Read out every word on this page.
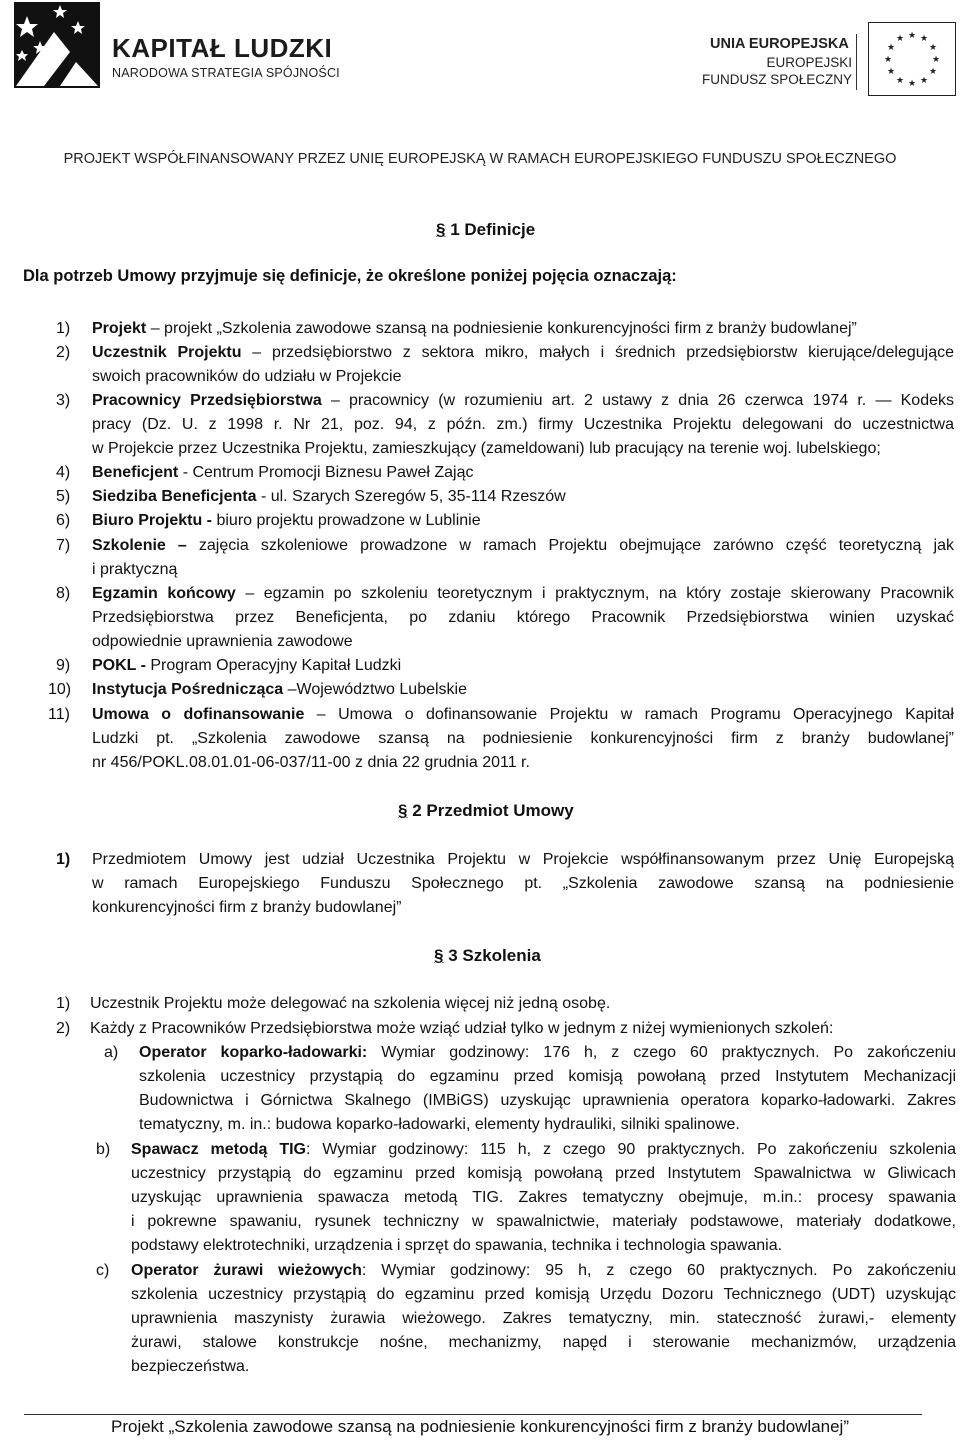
KAPITAŁ LUDZKI
NARODOWA STRATEGIA SPÓJNOŚCI
UNIA EUROPEJSKA
EUROPEJSKI
FUNDUSZ SPOŁECZNY
★ ★
★
★
★
★
★
★
★
★
★
★
PROJEKT WSPÓŁFINANSOWANY PRZEZ UNIĘ EUROPEJSKĄ W RAMACH EUROPEJSKIEGO FUNDUSZU SPOŁECZNEGO
§ 1 Definicje
Dla potrzeb Umowy przyjmuje się definicje, że określone poniżej pojęcia oznaczają:
1) Projekt – projekt „Szkolenia zawodowe szansą na podniesienie konkurencyjności firm z branży budowlanej”
2) Uczestnik Projektu – przedsiębiorstwo z sektora mikro, małych i średnich przedsiębiorstw kierujące/delegujące
swoich pracowników do udziału w Projekcie
3) Pracownicy Przedsiębiorstwa – pracownicy (w rozumieniu art. 2 ustawy z dnia 26 czerwca 1974 r. — Kodeks
pracy (Dz. U. z 1998 r. Nr 21, poz. 94, z późn. zm.) firmy Uczestnika Projektu delegowani do uczestnictwa
w Projekcie przez Uczestnika Projektu, zamieszkujący (zameldowani) lub pracujący na terenie woj. lubelskiego;
4) Beneficjent - Centrum Promocji Biznesu Paweł Zając
5) Siedziba Beneficjenta - ul. Szarych Szeregów 5, 35-114 Rzeszów
6) Biuro Projektu - biuro projektu prowadzone w Lublinie
7) Szkolenie – zajęcia szkoleniowe prowadzone w ramach Projektu obejmujące zarówno część teoretyczną jak
i praktyczną
8) Egzamin końcowy – egzamin po szkoleniu teoretycznym i praktycznym, na który zostaje skierowany Pracownik
Przedsiębiorstwa przez Beneficjenta, po zdaniu którego Pracownik Przedsiębiorstwa winien uzyskać
odpowiednie uprawnienia zawodowe
9) POKL - Program Operacyjny Kapitał Ludzki
10) Instytucja Pośrednicząca –Województwo Lubelskie
11) Umowa o dofinansowanie – Umowa o dofinansowanie Projektu w ramach Programu Operacyjnego Kapitał
Ludzki pt. „Szkolenia zawodowe szansą na podniesienie konkurencyjności firm z branży budowlanej”
nr 456/POKL.08.01.01-06-037/11-00 z dnia 22 grudnia 2011 r.
§ 2 Przedmiot Umowy
1) Przedmiotem Umowy jest udział Uczestnika Projektu w Projekcie współfinansowanym przez Unię Europejską
w ramach Europejskiego Funduszu Społecznego pt. „Szkolenia zawodowe szansą na podniesienie
konkurencyjności firm z branży budowlanej”
§ 3 Szkolenia
1) Uczestnik Projektu może delegować na szkolenia więcej niż jedną osobę.
2) Każdy z Pracowników Przedsiębiorstwa może wziąć udział tylko w jednym z niżej wymienionych szkoleń:
a) Operator koparko-ładowarki: Wymiar godzinowy: 176 h, z czego 60 praktycznych. Po zakończeniu
szkolenia uczestnicy przystąpią do egzaminu przed komisją powołaną przed Instytutem Mechanizacji
Budownictwa i Górnictwa Skalnego (IMBiGS) uzyskując uprawnienia operatora koparko-ładowarki. Zakres
tematyczny, m. in.: budowa koparko-ładowarki, elementy hydrauliki, silniki spalinowe.
b) Spawacz metodą TIG: Wymiar godzinowy: 115 h, z czego 90 praktycznych. Po zakończeniu szkolenia
uczestnicy przystąpią do egzaminu przed komisją powołaną przed Instytutem Spawalnictwa w Gliwicach
uzyskując uprawnienia spawacza metodą TIG. Zakres tematyczny obejmuje, m.in.: procesy spawania
i pokrewne spawaniu, rysunek techniczny w spawalnictwie, materiały podstawowe, materiały dodatkowe,
podstawy elektrotechniki, urządzenia i sprzęt do spawania, technika i technologia spawania.
c) Operator żurawi wieżowych: Wymiar godzinowy: 95 h, z czego 60 praktycznych. Po zakończeniu
szkolenia uczestnicy przystąpią do egzaminu przed komisją Urzędu Dozoru Technicznego (UDT) uzyskując
uprawnienia maszynisty żurawia wieżowego. Zakres tematyczny, min. stateczność żurawi,- elementy
żurawi, stalowe konstrukcje nośne, mechanizmy, napęd i sterowanie mechanizmów, urządzenia
bezpieczeństwa.
Projekt „Szkolenia zawodowe szansą na podniesienie konkurencyjności firm z branży budowlanej”
